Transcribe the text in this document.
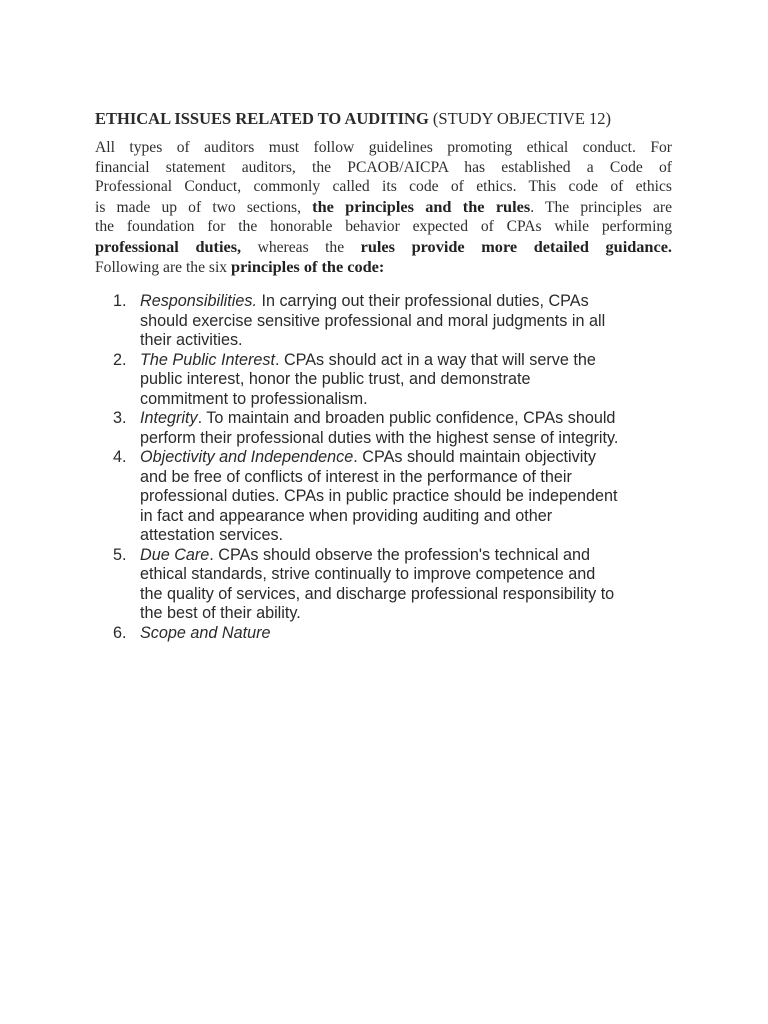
ETHICAL ISSUES RELATED TO AUDITING (STUDY OBJECTIVE 12)
All types of auditors must follow guidelines promoting ethical conduct. For
financial statement auditors, the PCAOB/AICPA has established a Code of
Professional Conduct, commonly called its code of ethics. This code of ethics
is made up of two sections, the principles and the rules. The principles are
the foundation for the honorable behavior expected of CPAs while performing
professional duties, whereas the rules provide more detailed guidance.
Following are the six principles of the code:
1. Responsibilities. In carrying out their professional duties, CPAs
should exercise sensitive professional and moral judgments in all
their activities.
2. The Public Interest. CPAs should act in a way that will serve the
public interest, honor the public trust, and demonstrate
commitment to professionalism.
3. Integrity. To maintain and broaden public confidence, CPAs should
perform their professional duties with the highest sense of integrity.
4. Objectivity and Independence. CPAs should maintain objectivity
and be free of conflicts of interest in the performance of their
professional duties. CPAs in public practice should be independent
in fact and appearance when providing auditing and other
attestation services.
5. Due Care. CPAs should observe the profession's technical and
ethical standards, strive continually to improve competence and
the quality of services, and discharge professional responsibility to
the best of their ability.
6. Scope and Nature
